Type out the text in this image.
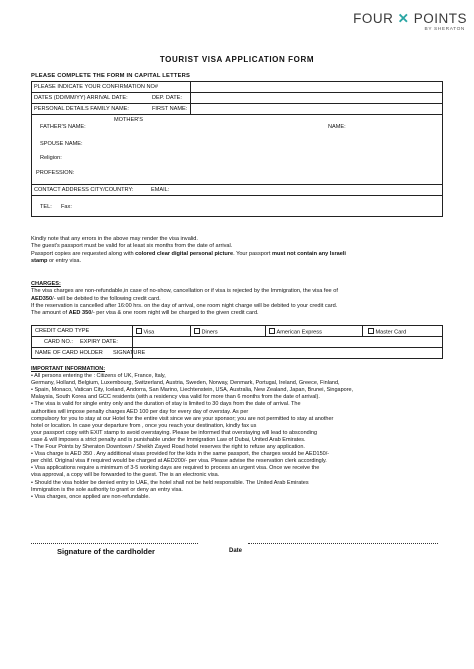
FOUR ✕ POINTS
BY SHERATON
TOURIST VISA APPLICATION FORM
PLEASE COMPLETE THE FORM IN CAPITAL LETTERS
PLEASE INDICATE YOUR CONFIRMATION NO#
DATES (DD/MM/YY) ARRIVAL DATE:	DEP. DATE:
PERSONAL DETAILS FAMILY NAME:	FIRST NAME:
FATHER'S NAME:
MOTHER'S
NAME:
SPOUSE NAME:
Religion:
PROFESSION:
CONTACT ADDRESS CITY/COUNTRY:	EMAIL:
TEL: Fax:
Kindly note that any errors in the above may render the visa invalid.
The guest's passport must be valid for at least six months from the date of arrival.
Passport copies are requested along with colored clear digital personal picture. Your passport must not contain any Israeli
stamp or entry visa.
CHARGES:
The visa charges are non-refundable,in case of no-show, cancellation or if visa is rejected by the Immigration, the visa fee of
AED350/- will be debited to the following credit card.
If the reservation is cancelled after 16:00 hrs. on the day of arrival, one room night charge will be debited to your credit card.
The amount of AED 350/- per visa & one room night will be charged to the given credit card.
CREDIT CARD TYPE	Visa	Diners	American Express	Master Card
CARD NO.: EXPIRY DATE:
NAME OF CARD HOLDER SIGNATURE
IMPORTANT INFORMATION:
• All persons entering the : Citizens of UK, France, Italy,
Germany, Holland, Belgium, Luxembourg, Switzerland, Austria, Sweden, Norway, Denmark, Portugal, Ireland, Greece, Finland,
• Spain, Monaco, Vatican City, Iceland, Andorra, San Marino, Liechtenstein, USA, Australia, New Zealand, Japan, Brunei, Singapore,
Malaysia, South Korea and GCC residents (with a residency visa valid for more than 6 months from the date of arrival).
• The visa is valid for single entry only and the duration of stay is limited to 30 days from the date of arrival. The
authorities will impose penalty charges AED 100 per day for every day of overstay. As per
compulsory for you to stay at our Hotel for the entire visit since we are your sponsor; you are not permitted to stay at another
hotel or location. In case your departure from , once you reach your destination, kindly fax us
your passport copy with EXIT stamp to avoid overstaying. Please be informed that overstaying will lead to absconding
case & will imposes a strict penalty and is punishable under the Immigration Law of Dubai, United Arab Emirates.
• The Four Points by Sheraton Downtown / Sheikh Zayed Road hotel reserves the right to refuse any application.
• Visa charge is AED 350 . Any additional visas provided for the kids in the same passport, the charges would be AED150/-
per child. Original visa if required would be charged at AED200/- per visa. Please advise the reservation clerk accordingly.
• Visa applications require a minimum of 3-5 working days are required to process an urgent visa. Once we receive the
visa approval, a copy will be forwarded to the guest. The is an electronic visa.
• Should the visa holder be denied entry to UAE, the hotel shall not be held responsible. The United Arab Emirates
Immigration is the sole authority to grant or deny an entry visa.
• Visa charges, once applied are non-refundable.
Signature of the cardholder	Date
